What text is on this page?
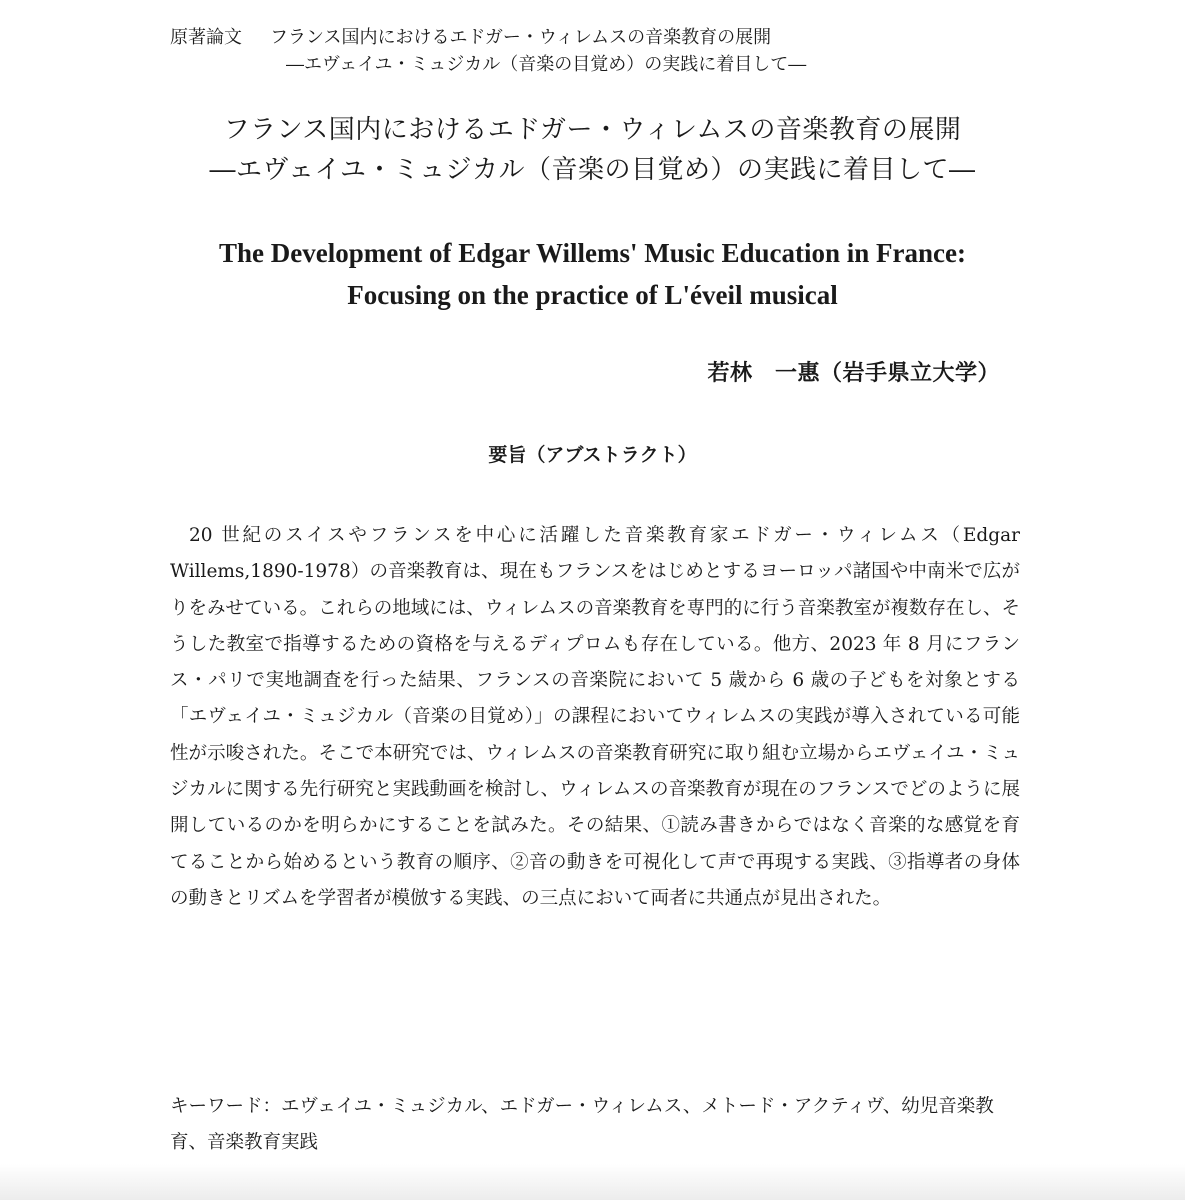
原著論文 フランス国内におけるエドガー・ウィレムスの音楽教育の展開
―エヴェイユ・ミュジカル（音楽の目覚め）の実践に着目して―
フランス国内におけるエドガー・ウィレムスの音楽教育の展開
―エヴェイユ・ミュジカル（音楽の目覚め）の実践に着目して―
The Development of Edgar Willems' Music Education in France:
Focusing on the practice of L'éveil musical
若林　一惠（岩手県立大学）
要旨（アブストラクト）

20 世紀のスイスやフランスを中心に活躍した音楽教育家エドガー・ウィレムス（Edgar Willems,1890-1978）の音楽教育は、現在もフランスをはじめとするヨーロッパ諸国や中南米で広がりをみせている。これらの地域には、ウィレムスの音楽教育を専門的に行う音楽教室が複数存在し、そうした教室で指導するための資格を与えるディプロムも存在している。他方、2023 年 8 月にフランス・パリで実地調査を行った結果、フランスの音楽院において 5 歳から 6 歳の子どもを対象とする「エヴェイユ・ミュジカル（音楽の目覚め）」の課程においてウィレムスの実践が導入されている可能性が示唆された。そこで本研究では、ウィレムスの音楽教育研究に取り組む立場からエヴェイユ・ミュジカルに関する先行研究と実践動画を検討し、ウィレムスの音楽教育が現在のフランスでどのように展開しているのかを明らかにすることを試みた。その結果、①読み書きからではなく音楽的な感覚を育てることから始めるという教育の順序、②音の動きを可視化して声で再現する実践、③指導者の身体の動きとリズムを学習者が模倣する実践、の三点において両者に共通点が見出された。

キーワード：エヴェイユ・ミュジカル、エドガー・ウィレムス、メトード・アクティヴ、幼児音楽教育、音楽教育実践
